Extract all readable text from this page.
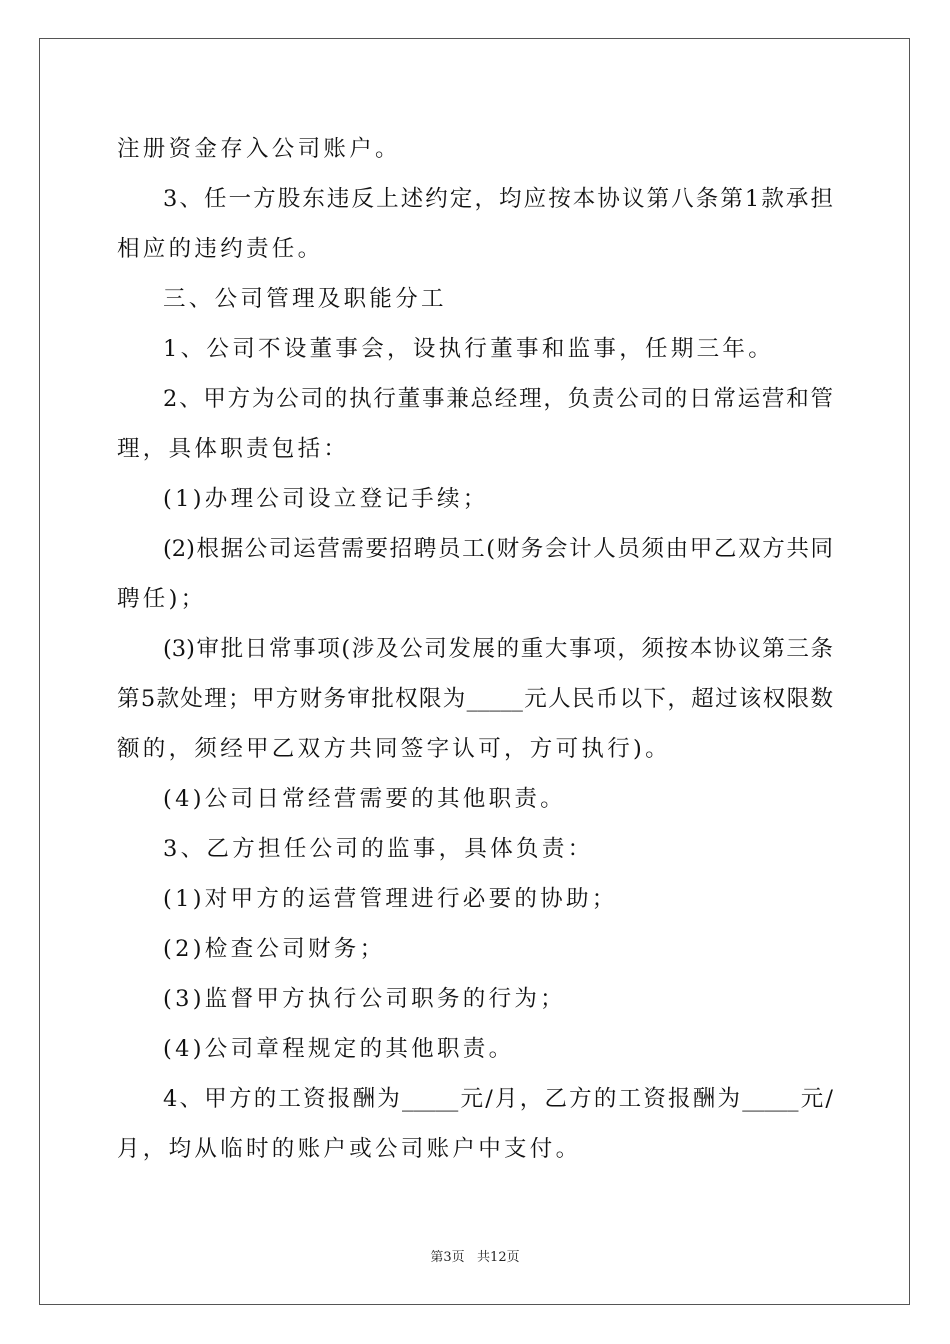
注册资金存入公司账户。
3、任一方股东违反上述约定，均应按本协议第八条第1款承担
相应的违约责任。
三、公司管理及职能分工
1、公司不设董事会，设执行董事和监事，任期三年。
2、甲方为公司的执行董事兼总经理，负责公司的日常运营和管
理，具体职责包括：
(1)办理公司设立登记手续；
(2)根据公司运营需要招聘员工(财务会计人员须由甲乙双方共同
聘任)；
(3)审批日常事项(涉及公司发展的重大事项，须按本协议第三条
第5款处理；甲方财务审批权限为_____元人民币以下，超过该权限数
额的，须经甲乙双方共同签字认可，方可执行)。
(4)公司日常经营需要的其他职责。
3、乙方担任公司的监事，具体负责：
(1)对甲方的运营管理进行必要的协助；
(2)检查公司财务；
(3)监督甲方执行公司职务的行为；
(4)公司章程规定的其他职责。
4、甲方的工资报酬为_____元/月，乙方的工资报酬为_____元/
月，均从临时的账户或公司账户中支付。
第3页   共12页
